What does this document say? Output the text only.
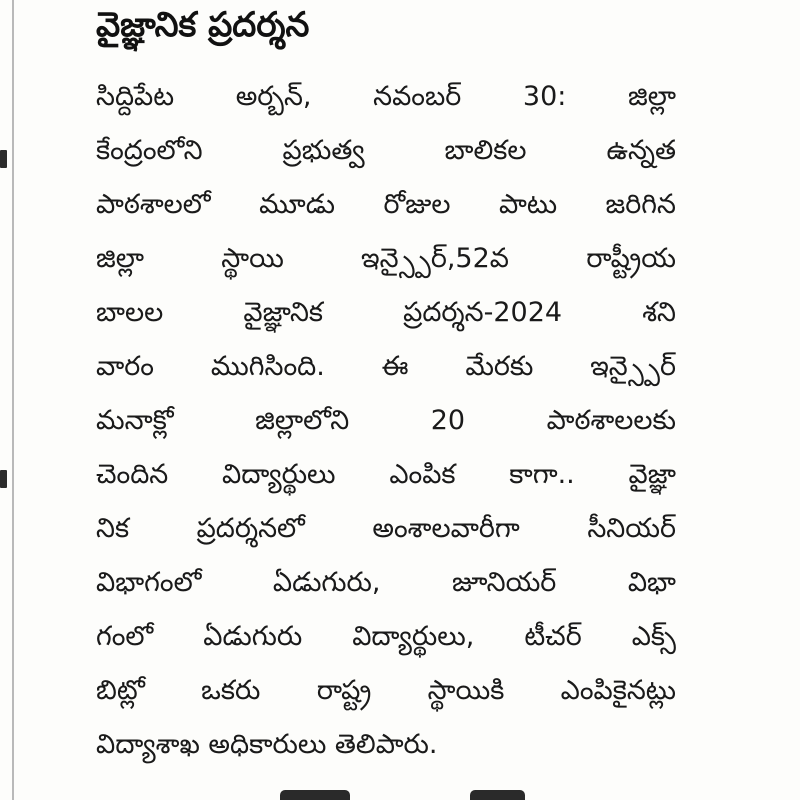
వైజ్ఞానిక ప్రదర్శన
సిద్దిపేట అర్బన్, నవంబర్ 30: జిల్లా
కేంద్రంలోని ప్రభుత్వ బాలికల ఉన్నత
పాఠశాలలో మూడు రోజుల పాటు జరిగిన
జిల్లా స్థాయి ఇన్స్పైర్,52వ రాష్ట్రీయ
బాలల వైజ్ఞానిక ప్రదర్శన-2024 శని
వారం ముగిసింది. ఈ మేరకు ఇన్స్పైర్
మనాక్లో జిల్లాలోని 20 పాఠశాలలకు
చెందిన విద్యార్థులు ఎంపిక కాగా.. వైజ్ఞా
నిక ప్రదర్శనలో అంశాలవారీగా సీనియర్
విభాగంలో ఏడుగురు, జూనియర్ విభా
గంలో ఏడుగురు విద్యార్థులు, టీచర్ ఎక్స్
బిట్లో ఒకరు రాష్ట్ర స్థాయికి ఎంపికైనట్లు
విద్యాశాఖ అధికారులు తెలిపారు.
